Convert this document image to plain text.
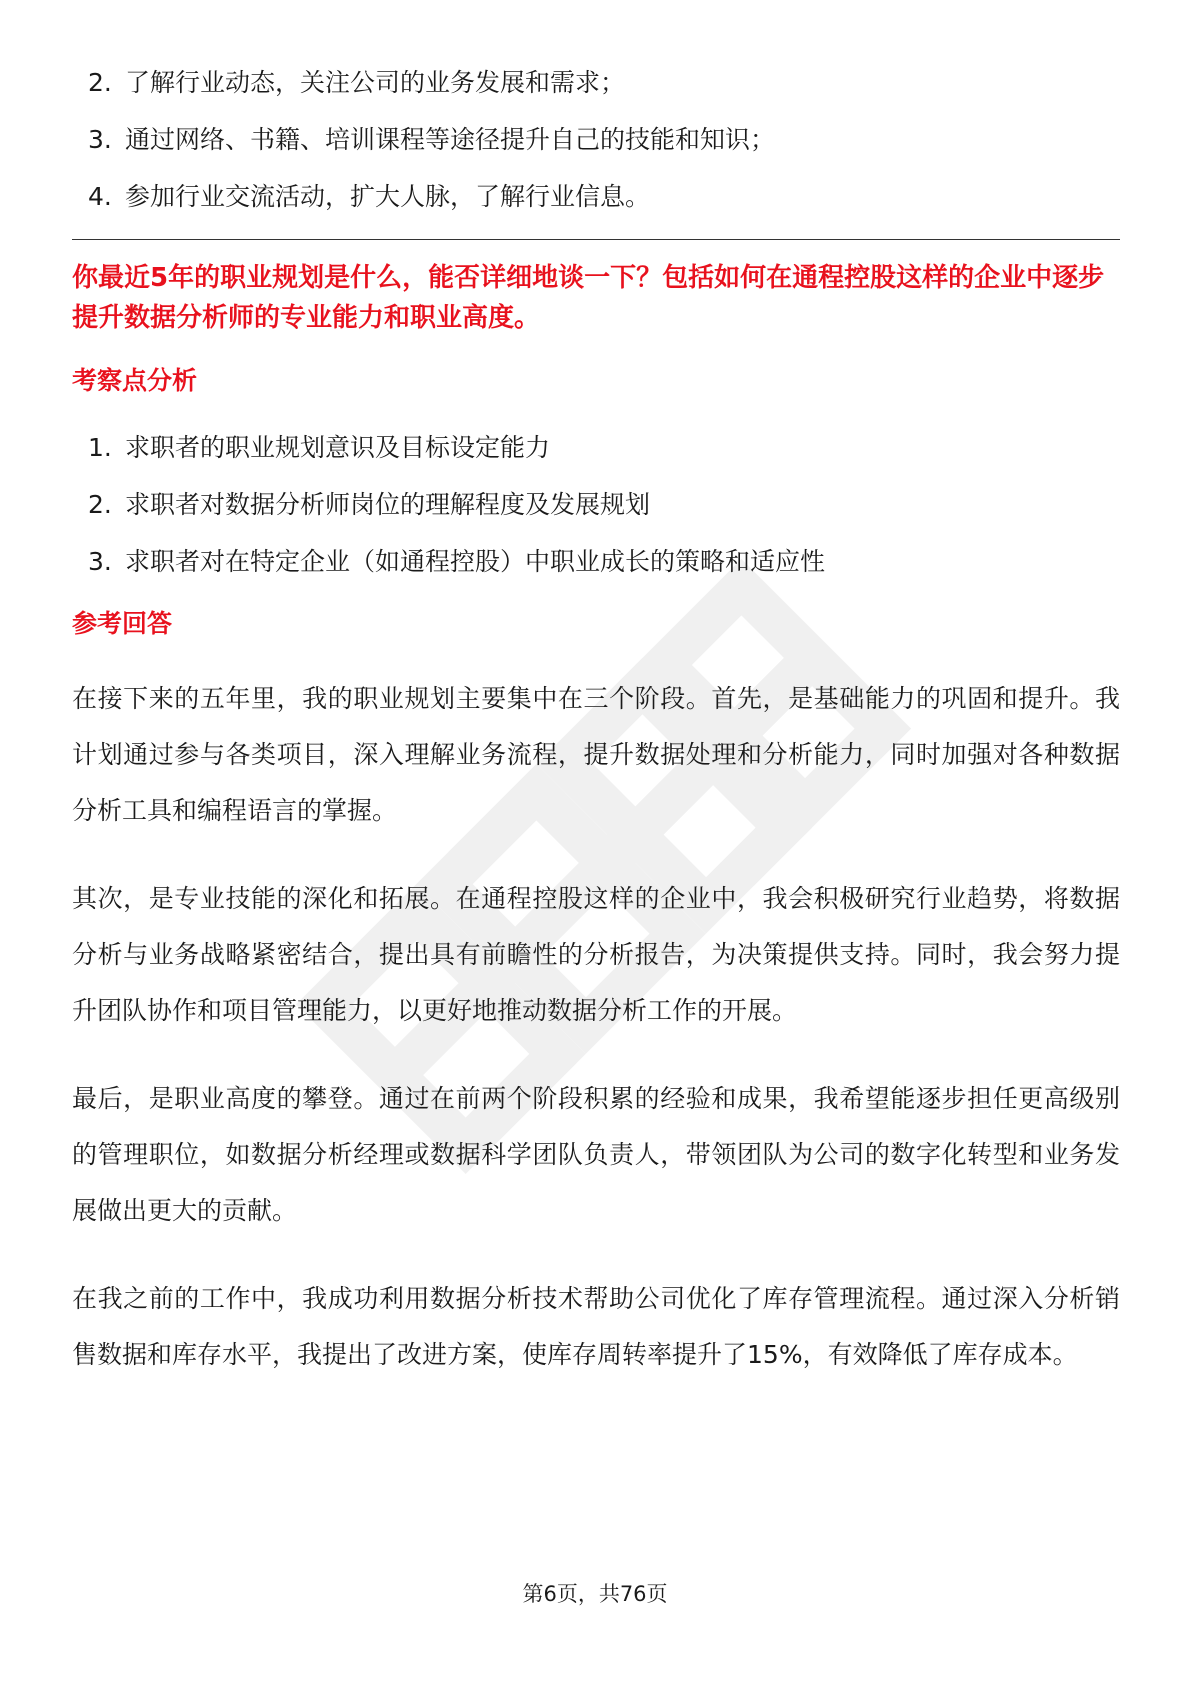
2. 了解行业动态，关注公司的业务发展和需求；
3. 通过网络、书籍、培训课程等途径提升自己的技能和知识；
4. 参加行业交流活动，扩大人脉，了解行业信息。
你最近5年的职业规划是什么，能否详细地谈一下？包括如何在通程控股这样的企业中逐步提升数据分析师的专业能力和职业高度。
考察点分析
1. 求职者的职业规划意识及目标设定能力
2. 求职者对数据分析师岗位的理解程度及发展规划
3. 求职者对在特定企业（如通程控股）中职业成长的策略和适应性
参考回答

在接下来的五年里，我的职业规划主要集中在三个阶段。首先，是基础能力的巩固和提升。我计划通过参与各类项目，深入理解业务流程，提升数据处理和分析能力，同时加强对各种数据分析工具和编程语言的掌握。

其次，是专业技能的深化和拓展。在通程控股这样的企业中，我会积极研究行业趋势，将数据分析与业务战略紧密结合，提出具有前瞻性的分析报告，为决策提供支持。同时，我会努力提升团队协作和项目管理能力，以更好地推动数据分析工作的开展。

最后，是职业高度的攀登。通过在前两个阶段积累的经验和成果，我希望能逐步担任更高级别的管理职位，如数据分析经理或数据科学团队负责人，带领团队为公司的数字化转型和业务发展做出更大的贡献。

在我之前的工作中，我成功利用数据分析技术帮助公司优化了库存管理流程。通过深入分析销售数据和库存水平，我提出了改进方案，使库存周转率提升了15%，有效降低了库存成本。

第6页，共76页
